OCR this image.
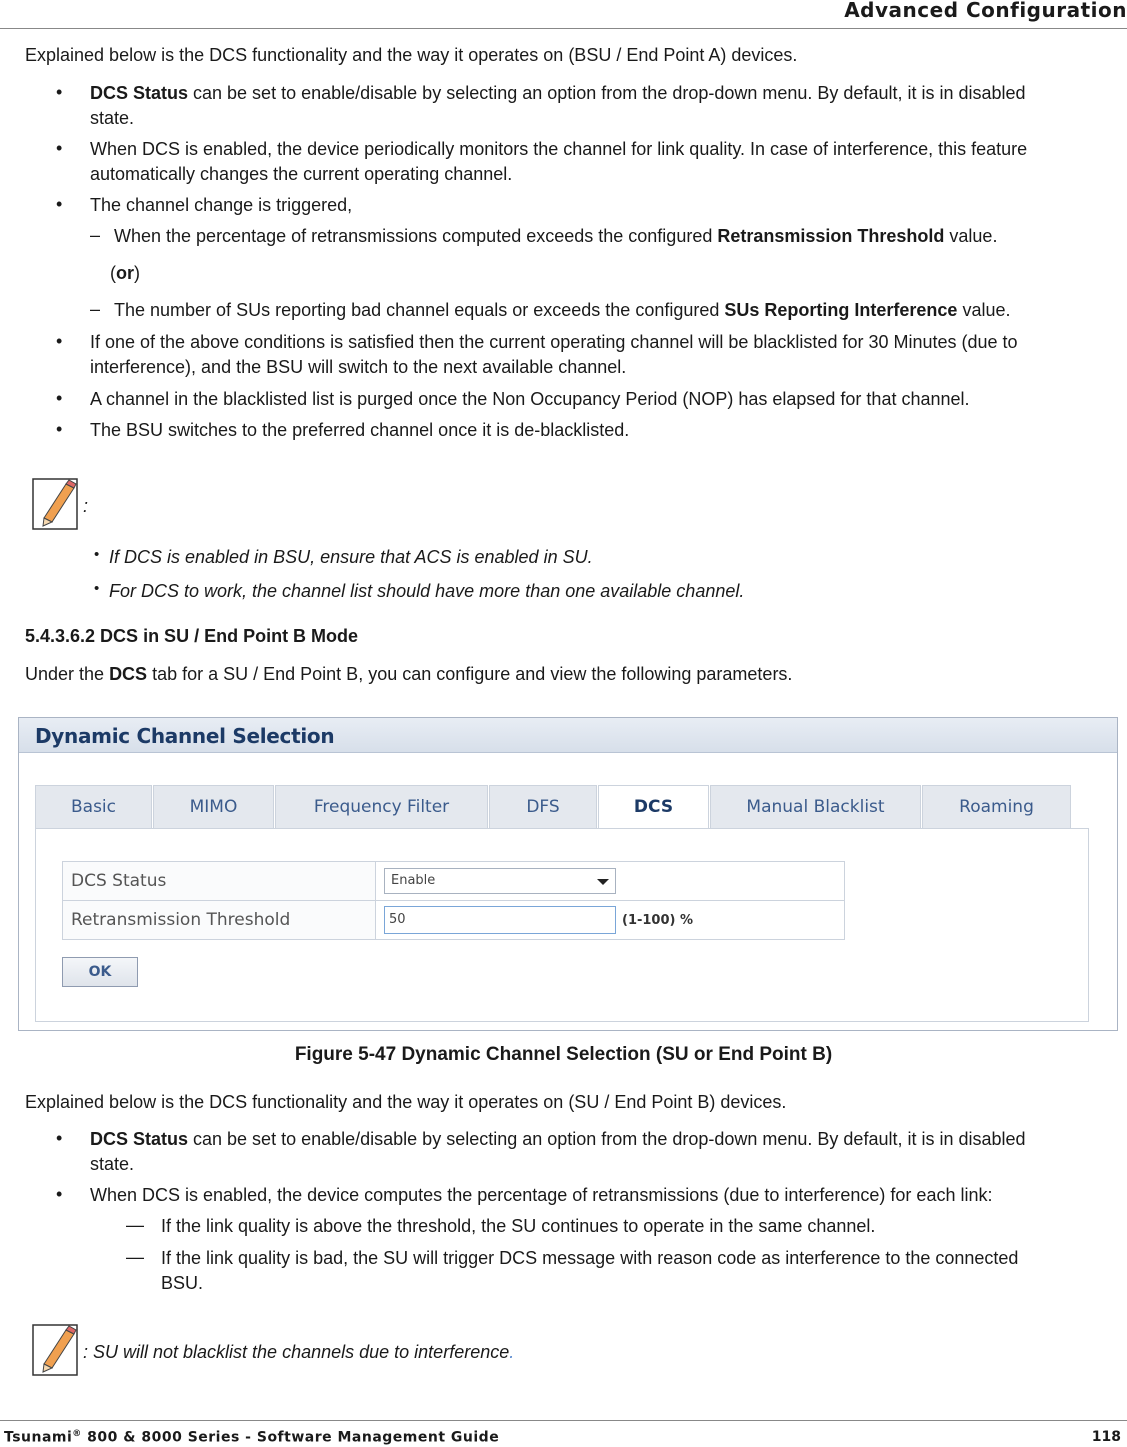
Advanced Configuration

Explained below is the DCS functionality and the way it operates on (BSU / End Point A) devices.

• DCS Status can be set to enable/disable by selecting an option from the drop-down menu. By default, it is in disabled

state.

• When DCS is enabled, the device periodically monitors the channel for link quality. In case of interference, this feature

automatically changes the current operating channel.

• The channel change is triggered,

– When the percentage of retransmissions computed exceeds the configured Retransmission Threshold value.

(or)

– The number of SUs reporting bad channel equals or exceeds the configured SUs Reporting Interference value.

• If one of the above conditions is satisfied then the current operating channel will be blacklisted for 30 Minutes (due to

interference), and the BSU will switch to the next available channel.

• A channel in the blacklisted list is purged once the Non Occupancy Period (NOP) has elapsed for that channel.

• The BSU switches to the preferred channel once it is de-blacklisted.

:

• If DCS is enabled in BSU, ensure that ACS is enabled in SU.

• For DCS to work, the channel list should have more than one available channel.

5.4.3.6.2 DCS in SU / End Point B Mode

Under the DCS tab for a SU / End Point B, you can configure and view the following parameters.

Dynamic Channel Selection
Basic	MIMO	Frequency Filter	DFS	DCS	Manual Blacklist	Roaming
DCS Status	Enable

Retransmission Threshold	50 (1-100) %
OK
Figure 5-47 Dynamic Channel Selection (SU or End Point B)

Explained below is the DCS functionality and the way it operates on (SU / End Point B) devices.

• DCS Status can be set to enable/disable by selecting an option from the drop-down menu. By default, it is in disabled

state.

• When DCS is enabled, the device computes the percentage of retransmissions (due to interference) for each link:

— If the link quality is above the threshold, the SU continues to operate in the same channel.

— If the link quality is bad, the SU will trigger DCS message with reason code as interference to the connected

BSU.

: SU will not blacklist the channels due to interference.

Tsunami® 800 & 8000 Series - Software Management Guide	118
